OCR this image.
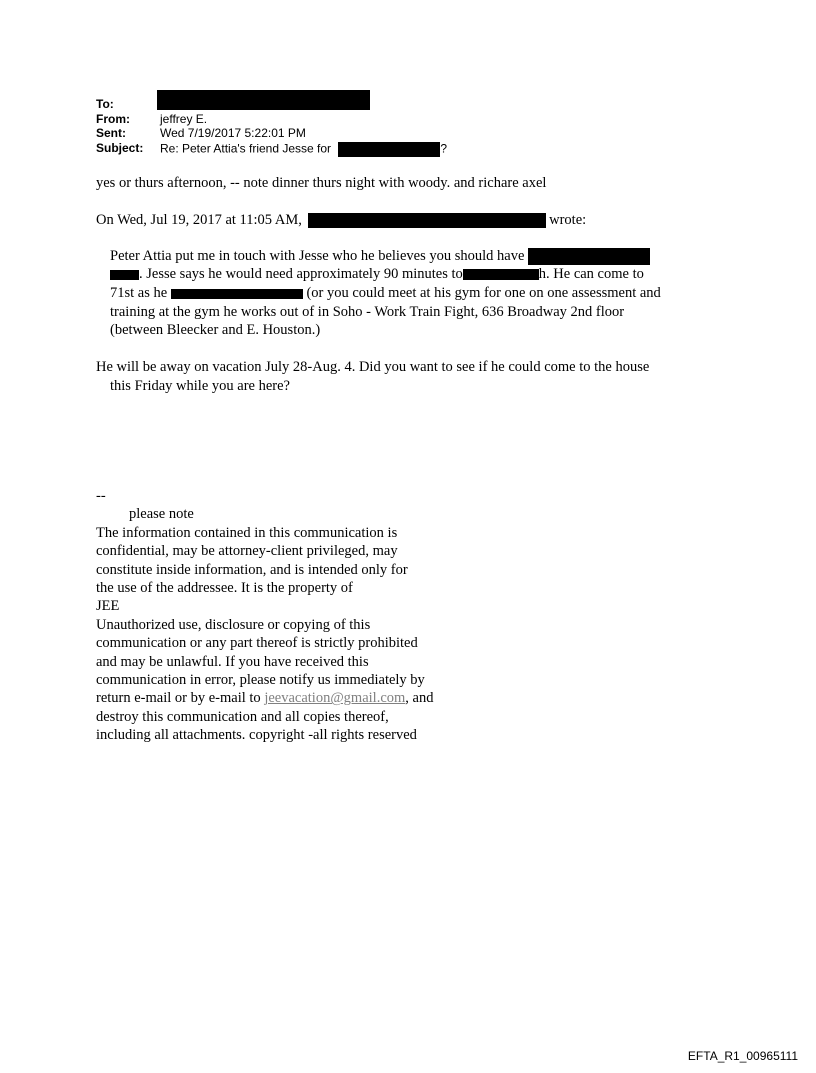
To:
From:	jeffrey E.
Sent:	Wed 7/19/2017 5:22:01 PM
Subject: Re: Peter Attia's friend Jesse for	?
yes or thurs afternoon, -- note dinner thurs night with woody. and richare axel
On Wed, Jul 19, 2017 at 11:05 AM,	wrote:
Peter Attia put me in touch with Jesse who he believes you should have
. Jesse says he would need approximately 90 minutes to	h. He can come to
71st as he	(or you could meet at his gym for one on one assessment and
training at the gym he works out of in Soho - Work Train Fight, 636 Broadway 2nd floor
(between Bleecker and E. Houston.)
He will be away on vacation July 28-Aug. 4. Did you want to see if he could come to the house
this Friday while you are here?
--
please note
The information contained in this communication is
confidential, may be attorney-client privileged, may
constitute inside information, and is intended only for
the use of the addressee. It is the property of
JEE
Unauthorized use, disclosure or copying of this
communication or any part thereof is strictly prohibited
and may be unlawful. If you have received this
communication in error, please notify us immediately by
return e-mail or by e-mail to jeevacation@gmail.com, and
destroy this communication and all copies thereof,
including all attachments. copyright -all rights reserved
EFTA_R1_00965111
